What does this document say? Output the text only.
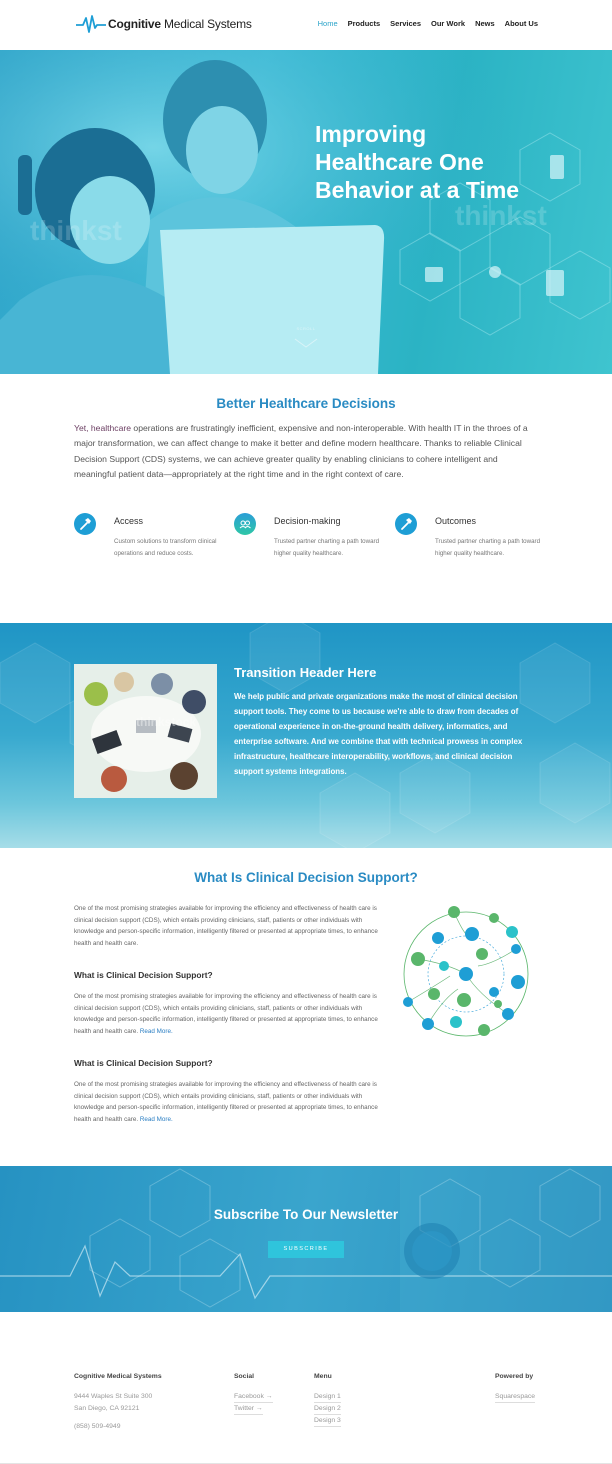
Cognitive Medical Systems	Home Products Services Our Work News About Us
thinkst	thinkst
Improving Healthcare One Behavior at a Time
SCROLL
Better Healthcare Decisions

Yet, healthcare operations are frustratingly inefficient, expensive and non-interoperable. With health IT in the throes of a major transformation, we can affect change to make it better and define modern healthcare. Thanks to reliable Clinical Decision Support (CDS) systems, we can achieve greater quality by enabling clinicians to cohere intelligent and meaningful patient data—appropriately at the right time and in the right context of care.

Access

Custom solutions to transform clinical operations and reduce costs.

Decision-making

Trusted partner charting a path toward higher quality healthcare.

Outcomes

Trusted partner charting a path toward higher quality healthcare.

thinkstock
Transition Header Here

We help public and private organizations make the most of clinical decision support tools. They come to us because we're able to draw from decades of operational experience in on-the-ground health delivery, informatics, and enterprise software. And we combine that with technical prowess in complex infrastructure, healthcare interoperability, workflows, and clinical decision support systems integrations.

What Is Clinical Decision Support?

One of the most promising strategies available for improving the efficiency and effectiveness of health care is clinical decision support (CDS), which entails providing clinicians, staff, patients or other individuals with knowledge and person-specific information, intelligently filtered or presented at appropriate times, to enhance health and health care.

What is Clinical Decision Support?

One of the most promising strategies available for improving the efficiency and effectiveness of health care is clinical decision support (CDS), which entails providing clinicians, staff, patients or other individuals with knowledge and person-specific information, intelligently filtered or presented at appropriate times, to enhance health and health care. Read More.

What is Clinical Decision Support?

One of the most promising strategies available for improving the efficiency and effectiveness of health care is clinical decision support (CDS), which entails providing clinicians, staff, patients or other individuals with knowledge and person-specific information, intelligently filtered or presented at appropriate times, to enhance health and health care. Read More.

Subscribe To Our Newsletter
SUBSCRIBE
Cognitive Medical Systems
9444 Waples St Suite 300
San Diego, CA 92121
(858) 509-4949
Social
Facebook →
Twitter →
Menu
Design 1
Design 2
Design 3
Powered by
Squarespace
